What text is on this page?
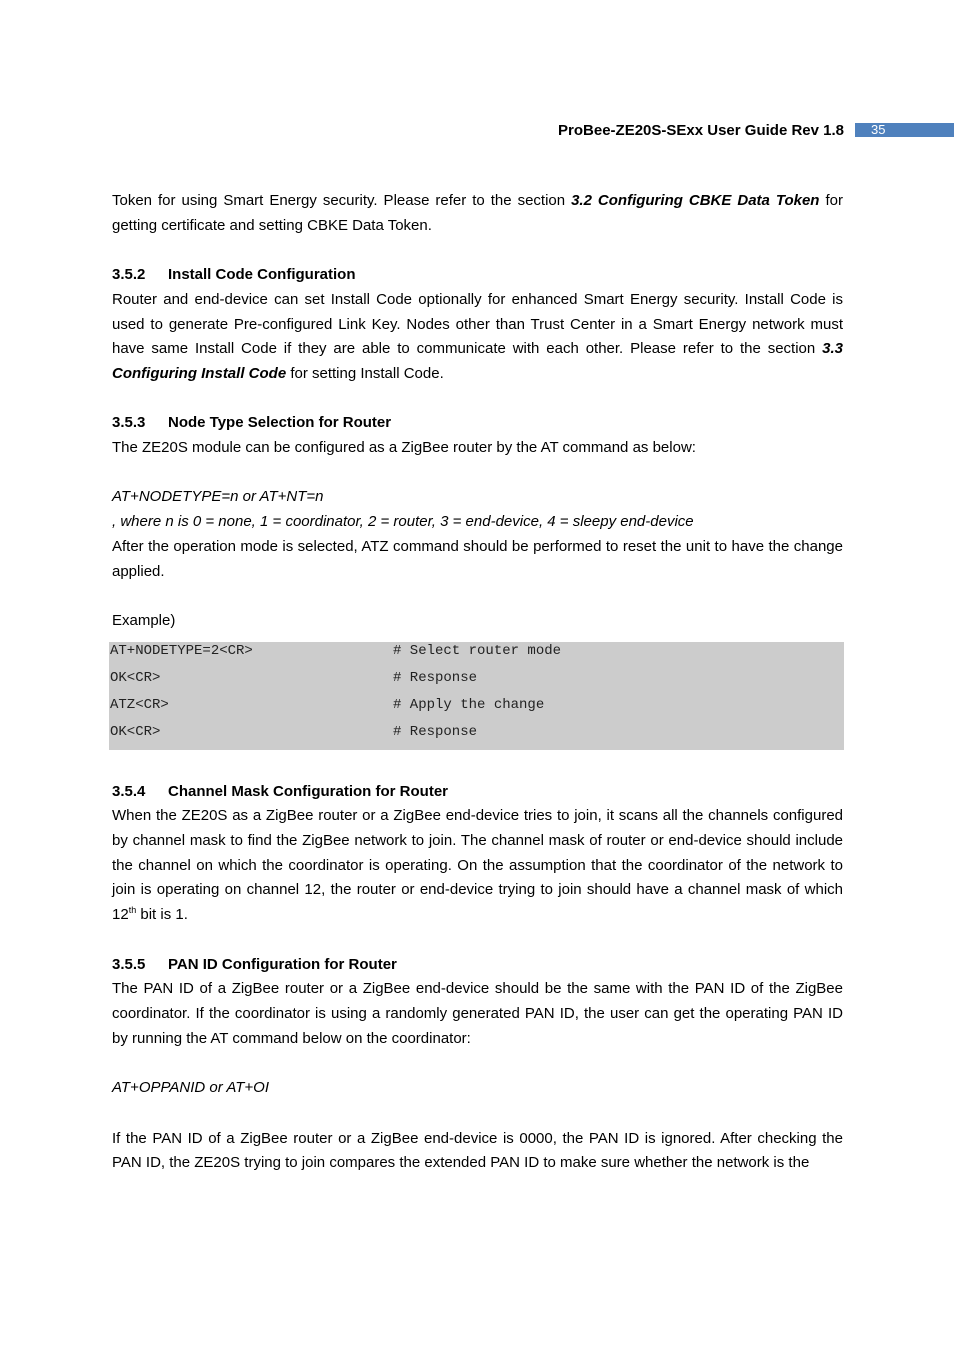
ProBee-ZE20S-SExx User Guide Rev 1.8	35

Token for using Smart Energy security. Please refer to the section 3.2 Configuring CBKE Data Token for getting certificate and setting CBKE Data Token.

3.5.2 Install Code Configuration

Router and end-device can set Install Code optionally for enhanced Smart Energy security. Install Code is used to generate Pre-configured Link Key. Nodes other than Trust Center in a Smart Energy network must have same Install Code if they are able to communicate with each other. Please refer to the section 3.3 Configuring Install Code for setting Install Code.

3.5.3 Node Type Selection for Router

The ZE20S module can be configured as a ZigBee router by the AT command as below:

AT+NODETYPE=n or AT+NT=n

, where n is 0 = none, 1 = coordinator, 2 = router, 3 = end-device, 4 = sleepy end-device

After the operation mode is selected, ATZ command should be performed to reset the unit to have the change applied.

Example)

AT+NODETYPE=2<CR>	# Select router mode
OK<CR>	# Response
ATZ<CR>	# Apply the change
OK<CR>	# Response
3.5.4 Channel Mask Configuration for Router

When the ZE20S as a ZigBee router or a ZigBee end-device tries to join, it scans all the channels configured by channel mask to find the ZigBee network to join. The channel mask of router or end-device should include the channel on which the coordinator is operating. On the assumption that the coordinator of the network to join is operating on channel 12, the router or end-device trying to join should have a channel mask of which 12th bit is 1.

3.5.5 PAN ID Configuration for Router

The PAN ID of a ZigBee router or a ZigBee end-device should be the same with the PAN ID of the ZigBee coordinator. If the coordinator is using a randomly generated PAN ID, the user can get the operating PAN ID by running the AT command below on the coordinator:

AT+OPPANID or AT+OI

If the PAN ID of a ZigBee router or a ZigBee end-device is 0000, the PAN ID is ignored. After checking the PAN ID, the ZE20S trying to join compares the extended PAN ID to make sure whether the network is the
